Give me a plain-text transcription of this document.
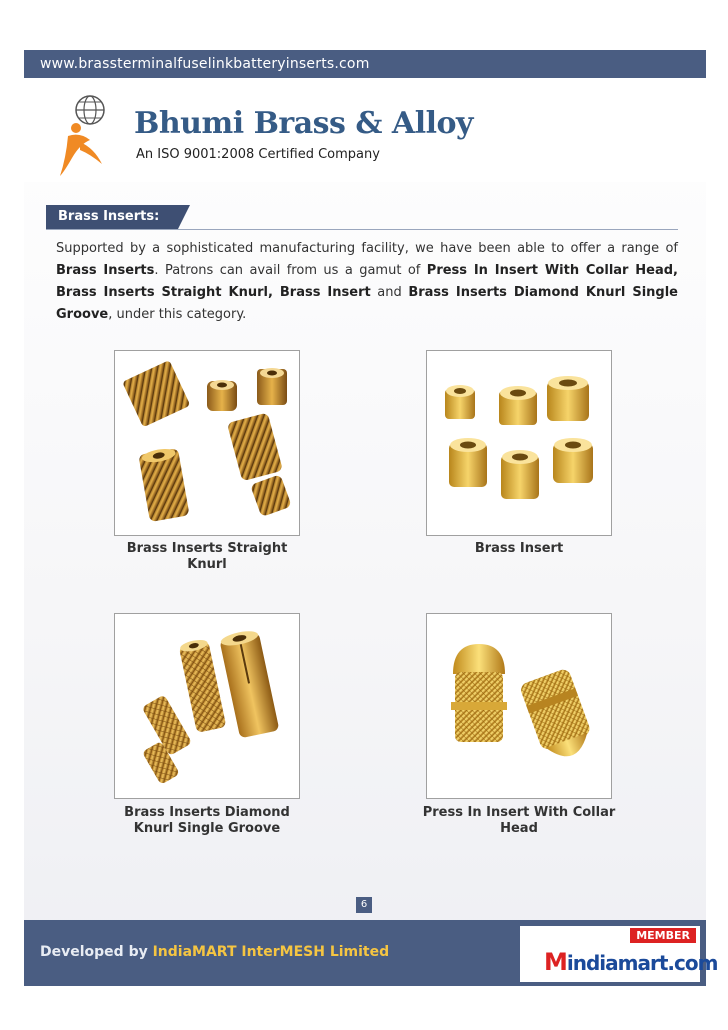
www.brassterminalfuselinkbatteryinserts.com
Bhumi Brass & Alloy
An ISO 9001:2008 Certified Company
Brass Inserts:
Supported by a sophisticated manufacturing facility, we have been able to offer a range of Brass Inserts. Patrons can avail from us a gamut of Press In Insert With Collar Head, Brass Inserts Straight Knurl, Brass Insert and Brass Inserts Diamond Knurl Single Groove, under this category.
Brass Inserts Straight
Knurl
Brass Insert
Brass Inserts Diamond
Knurl Single Groove
Press In Insert With Collar
Head
6
Developed by IndiaMART InterMESH Limited
MEMBER
Mindiamart.com
